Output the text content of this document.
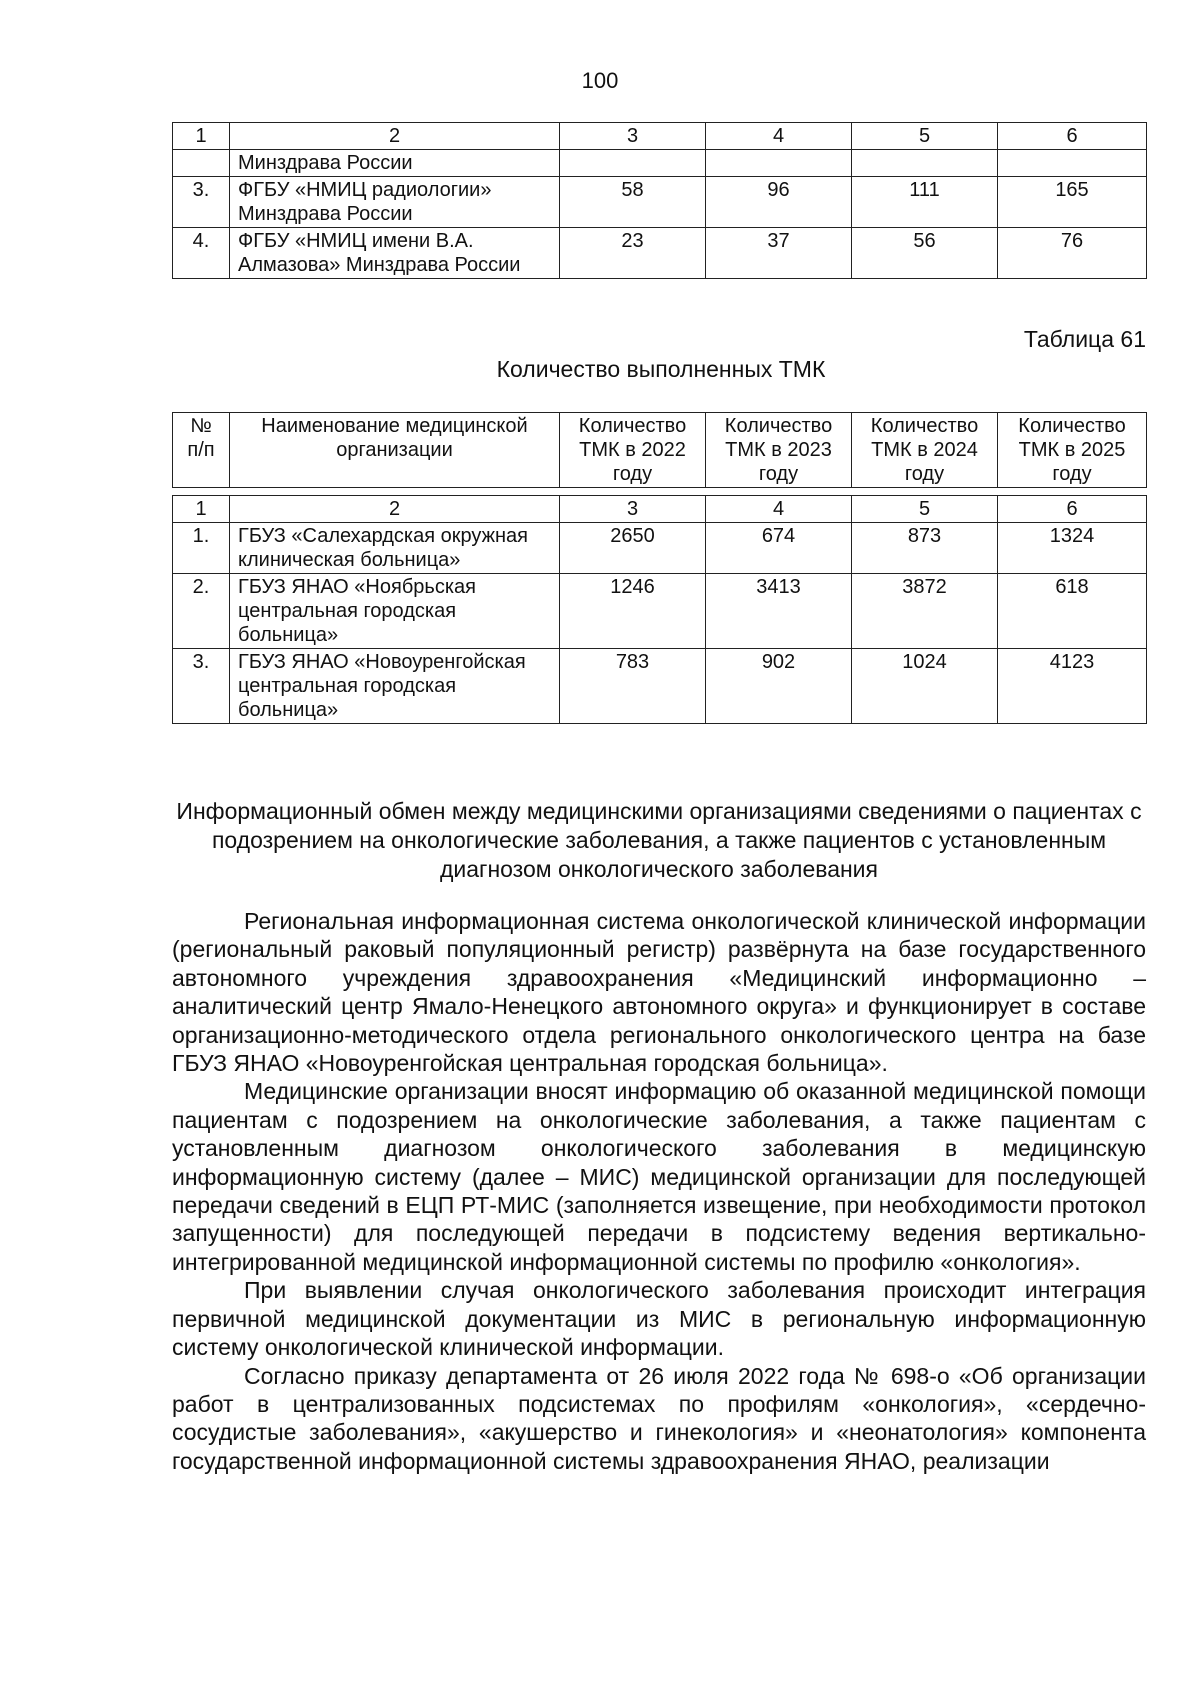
100
1	2	3	4	5	6
	Минздрава России				
3.	ФГБУ «НМИЦ радиологии» Минздрава России	58	96	111	165
4.	ФГБУ «НМИЦ имени В.А. Алмазова» Минздрава России	23	37	56	76
Таблица 61
Количество выполненных ТМК
№ п/п	Наименование медицинской организации	Количество ТМК в 2022 году	Количество ТМК в 2023 году	Количество ТМК в 2024 году	Количество ТМК в 2025 году
1	2	3	4	5	6
1.	ГБУЗ «Салехардская окружная клиническая больница»	2650	674	873	1324
2.	ГБУЗ ЯНАО «Ноябрьская центральная городская больница»	1246	3413	3872	618
3.	ГБУЗ ЯНАО «Новоуренгойская центральная городская больница»	783	902	1024	4123
Информационный обмен между медицинскими организациями сведениями о пациентах с подозрением на онкологические заболевания, а также пациентов с установленным диагнозом онкологического заболевания

Региональная информационная система онкологической клинической информации (региональный раковый популяционный регистр) развёрнута на базе государственного автономного учреждения здравоохранения «Медицинский информационно – аналитический центр Ямало-Ненецкого автономного округа» и функционирует в составе организационно-методического отдела регионального онкологического центра на базе ГБУЗ ЯНАО «Новоуренгойская центральная городская больница».

Медицинские организации вносят информацию об оказанной медицинской помощи пациентам с подозрением на онкологические заболевания, а также пациентам с установленным диагнозом онкологического заболевания в медицинскую информационную систему (далее – МИС) медицинской организации для последующей передачи сведений в ЕЦП РТ-МИС (заполняется извещение, при необходимости протокол запущенности) для последующей передачи в подсистему ведения вертикально-интегрированной медицинской информационной системы по профилю «онкология».

При выявлении случая онкологического заболевания происходит интеграция первичной медицинской документации из МИС в региональную информационную систему онкологической клинической информации.

Согласно приказу департамента от 26 июля 2022 года № 698-о «Об организации работ в централизованных подсистемах по профилям «онкология», «сердечно-сосудистые заболевания», «акушерство и гинекология» и «неонатология» компонента государственной информационной системы здравоохранения ЯНАО, реализации
